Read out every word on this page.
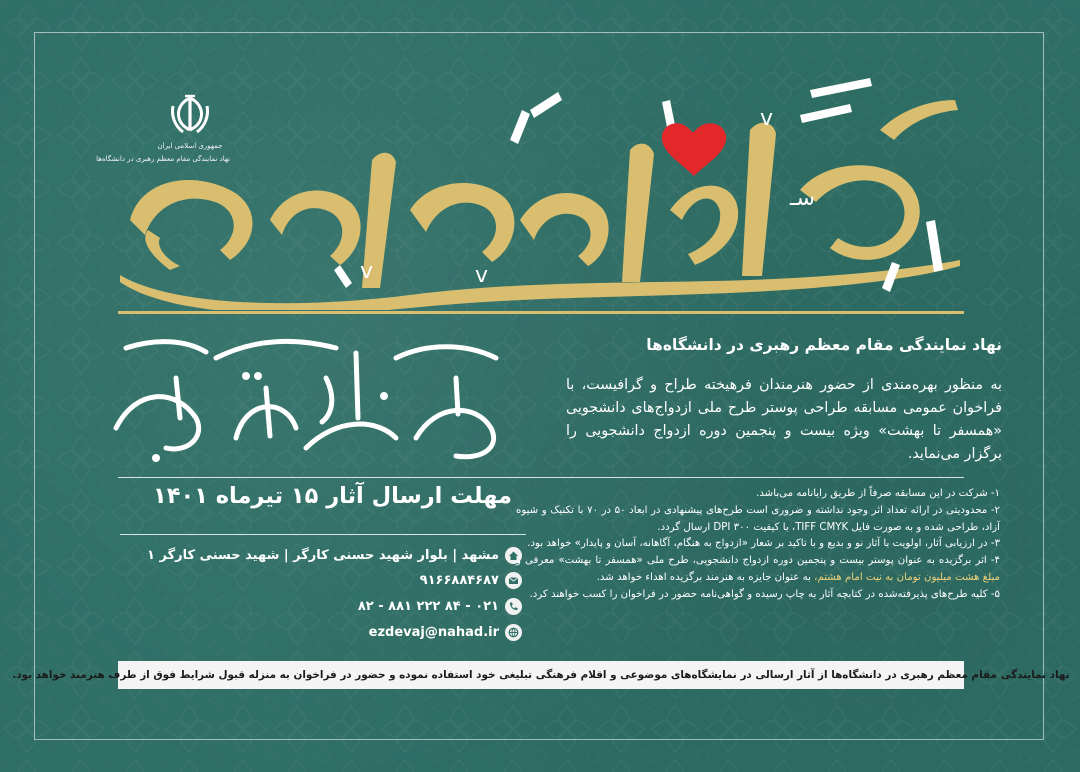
جمهوری اسلامی ایران
نهاد نمایندگی مقام معظم رهبری در دانشگاه‌ها
v
v	v
سـ
نهاد نمایندگی مقام معظم رهبری در دانشگاه‌ها
به منظور بهره‌مندی از حضور هنرمندان فرهیخته طراح و گرافیست، با فراخوان عمومی مسابقه طراحی پوستر طرح ملی ازدواج‌های دانشجویی «همسفر تا بهشت» ویژه بیست و پنجمین دوره ازدواج دانشجویی را برگزار می‌نماید.
مهلت ارسال آثار ۱۵ تیرماه ۱۴۰۱
مشهد | بلوار شهید حسنی کارگر | شهید حسنی کارگر ۱
۹۱۶۶۸۸۴۶۸۷
۰۲۱ - ۸۴ ۲۲۲ ۸۸۱ - ۸۲
ezdevaj@nahad.ir

۱- شرکت در این مسابقه صرفاً از طریق رایانامه می‌باشد.

۲- محدودیتی در ارائه تعداد اثر وجود نداشته و ضروری است طرح‌های پیشنهادی در ابعاد ۵۰ در ۷۰ با تکنیک و شیوه آزاد، طراحی شده و به صورت فایل TIFF CMYK، با کیفیت DPI ۳۰۰ ارسال گردد.

۳- در ارزیابی آثار، اولویت با آثار نو و بدیع و با تاکید بر شعار «ازدواج به هنگام، آگاهانه، آسان و پایدار» خواهد بود.

۴- اثر برگزیده به عنوان پوستر بیست و پنجمین دوره ازدواج دانشجویی، طرح ملی «همسفر تا بهشت» معرفی و مبلغ هشت میلیون تومان به نیت امام هشتم، به عنوان جایزه به هنرمند برگزیده اهداء خواهد شد.

۵- کلیه طرح‌های پذیرفته‌شده در کتابچه آثار به چاپ رسیده و گواهی‌نامه حضور در فراخوان را کسب خواهند کرد.

نهاد نمایندگی مقام معظم رهبری در دانشگاه‌ها از آثار ارسالی در نمایشگاه‌های موضوعی و اقلام فرهنگی تبلیغی خود استفاده نموده و حضور در فراخوان به منزله قبول شرایط فوق از طرف هنرمند خواهد بود.
